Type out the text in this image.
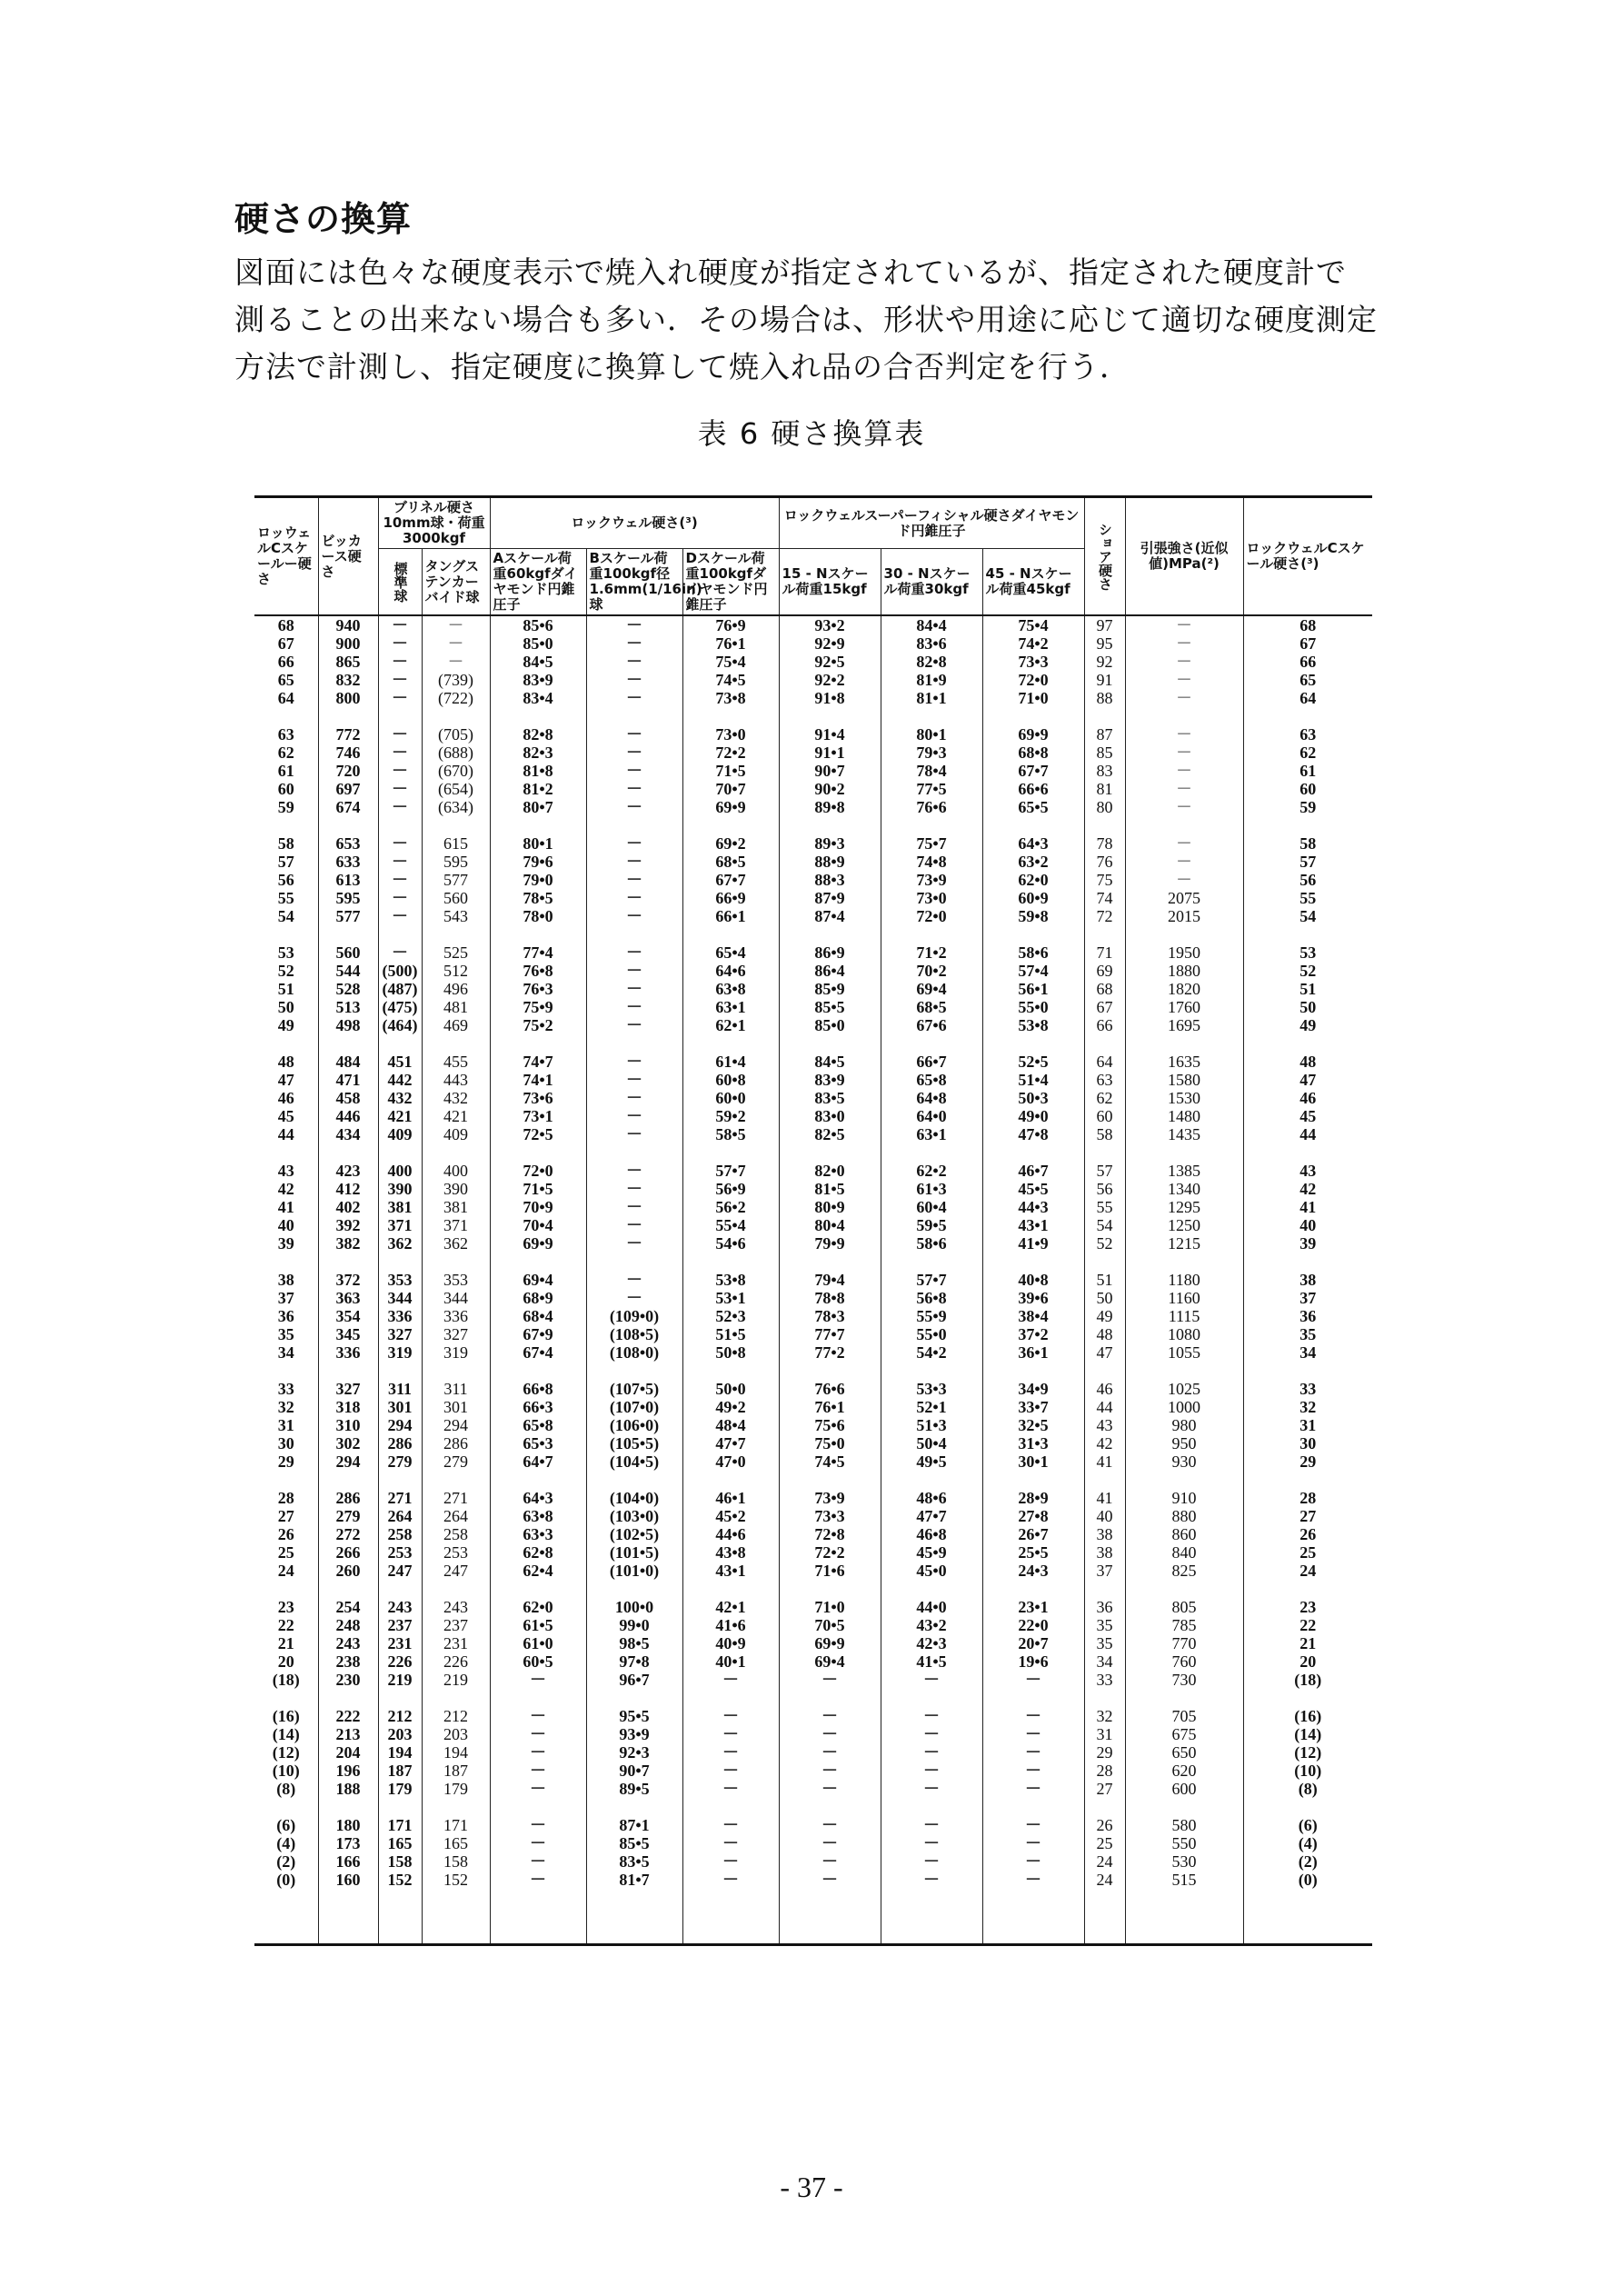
硬さの換算

図面には色々な硬度表示で焼入れ硬度が指定されているが、指定された硬度計で

測ることの出来ない場合も多い．その場合は、形状や用途に応じて適切な硬度測定

方法で計測し、指定硬度に換算して焼入れ品の合否判定を行う．

表 6 硬さ換算表

ロッウェルCスケールー硬さ	ビッカース硬さ	ブリネル硬さ10mm球・荷重3000kgf		ロックウェル硬さ(³)			ロックウェルスーパーフィシャル硬さダイヤモンド円錐圧子			ショア硬さ	引張強さ(近似値)MPa(²)	ロックウェルCスケール硬さ(³)
		標準球	タングステンカーバイド球	Aスケール荷重60kgfダイヤモンド円錐圧子	Bスケール荷重100kgf径1.6mm(1/16in)球	Dスケール荷重100kgfダイヤモンド円錐圧子	15 - Nスケール荷重15kgf	30 - Nスケール荷重30kgf	45 - Nスケール荷重45kgf			
68	940	－	－	85•6	－	76•9	93•2	84•4	75•4	97	－	68
67	900	－	－	85•0	－	76•1	92•9	83•6	74•2	95	－	67
66	865	－	－	84•5	－	75•4	92•5	82•8	73•3	92	－	66
65	832	－	(739)	83•9	－	74•5	92•2	81•9	72•0	91	－	65
64	800	－	(722)	83•4	－	73•8	91•8	81•1	71•0	88	－	64

63	772	－	(705)	82•8	－	73•0	91•4	80•1	69•9	87	－	63
62	746	－	(688)	82•3	－	72•2	91•1	79•3	68•8	85	－	62
61	720	－	(670)	81•8	－	71•5	90•7	78•4	67•7	83	－	61
60	697	－	(654)	81•2	－	70•7	90•2	77•5	66•6	81	－	60
59	674	－	(634)	80•7	－	69•9	89•8	76•6	65•5	80	－	59

58	653	－	615	80•1	－	69•2	89•3	75•7	64•3	78	－	58
57	633	－	595	79•6	－	68•5	88•9	74•8	63•2	76	－	57
56	613	－	577	79•0	－	67•7	88•3	73•9	62•0	75	－	56
55	595	－	560	78•5	－	66•9	87•9	73•0	60•9	74	2075	55
54	577	－	543	78•0	－	66•1	87•4	72•0	59•8	72	2015	54

53	560	－	525	77•4	－	65•4	86•9	71•2	58•6	71	1950	53
52	544	(500)	512	76•8	－	64•6	86•4	70•2	57•4	69	1880	52
51	528	(487)	496	76•3	－	63•8	85•9	69•4	56•1	68	1820	51
50	513	(475)	481	75•9	－	63•1	85•5	68•5	55•0	67	1760	50
49	498	(464)	469	75•2	－	62•1	85•0	67•6	53•8	66	1695	49

48	484	451	455	74•7	－	61•4	84•5	66•7	52•5	64	1635	48
47	471	442	443	74•1	－	60•8	83•9	65•8	51•4	63	1580	47
46	458	432	432	73•6	－	60•0	83•5	64•8	50•3	62	1530	46
45	446	421	421	73•1	－	59•2	83•0	64•0	49•0	60	1480	45
44	434	409	409	72•5	－	58•5	82•5	63•1	47•8	58	1435	44

43	423	400	400	72•0	－	57•7	82•0	62•2	46•7	57	1385	43
42	412	390	390	71•5	－	56•9	81•5	61•3	45•5	56	1340	42
41	402	381	381	70•9	－	56•2	80•9	60•4	44•3	55	1295	41
40	392	371	371	70•4	－	55•4	80•4	59•5	43•1	54	1250	40
39	382	362	362	69•9	－	54•6	79•9	58•6	41•9	52	1215	39

38	372	353	353	69•4	－	53•8	79•4	57•7	40•8	51	1180	38
37	363	344	344	68•9	－	53•1	78•8	56•8	39•6	50	1160	37
36	354	336	336	68•4	(109•0)	52•3	78•3	55•9	38•4	49	1115	36
35	345	327	327	67•9	(108•5)	51•5	77•7	55•0	37•2	48	1080	35
34	336	319	319	67•4	(108•0)	50•8	77•2	54•2	36•1	47	1055	34

33	327	311	311	66•8	(107•5)	50•0	76•6	53•3	34•9	46	1025	33
32	318	301	301	66•3	(107•0)	49•2	76•1	52•1	33•7	44	1000	32
31	310	294	294	65•8	(106•0)	48•4	75•6	51•3	32•5	43	980	31
30	302	286	286	65•3	(105•5)	47•7	75•0	50•4	31•3	42	950	30
29	294	279	279	64•7	(104•5)	47•0	74•5	49•5	30•1	41	930	29

28	286	271	271	64•3	(104•0)	46•1	73•9	48•6	28•9	41	910	28
27	279	264	264	63•8	(103•0)	45•2	73•3	47•7	27•8	40	880	27
26	272	258	258	63•3	(102•5)	44•6	72•8	46•8	26•7	38	860	26
25	266	253	253	62•8	(101•5)	43•8	72•2	45•9	25•5	38	840	25
24	260	247	247	62•4	(101•0)	43•1	71•6	45•0	24•3	37	825	24

23	254	243	243	62•0	100•0	42•1	71•0	44•0	23•1	36	805	23
22	248	237	237	61•5	99•0	41•6	70•5	43•2	22•0	35	785	22
21	243	231	231	61•0	98•5	40•9	69•9	42•3	20•7	35	770	21
20	238	226	226	60•5	97•8	40•1	69•4	41•5	19•6	34	760	20
(18)	230	219	219	－	96•7	－	－	－	－	33	730	(18)

(16)	222	212	212	－	95•5	－	－	－	－	32	705	(16)
(14)	213	203	203	－	93•9	－	－	－	－	31	675	(14)
(12)	204	194	194	－	92•3	－	－	－	－	29	650	(12)
(10)	196	187	187	－	90•7	－	－	－	－	28	620	(10)
(8)	188	179	179	－	89•5	－	－	－	－	27	600	(8)

(6)	180	171	171	－	87•1	－	－	－	－	26	580	(6)
(4)	173	165	165	－	85•5	－	－	－	－	25	550	(4)
(2)	166	158	158	－	83•5	－	－	－	－	24	530	(2)
(0)	160	152	152	－	81•7	－	－	－	－	24	515	(0)

- 37 -
